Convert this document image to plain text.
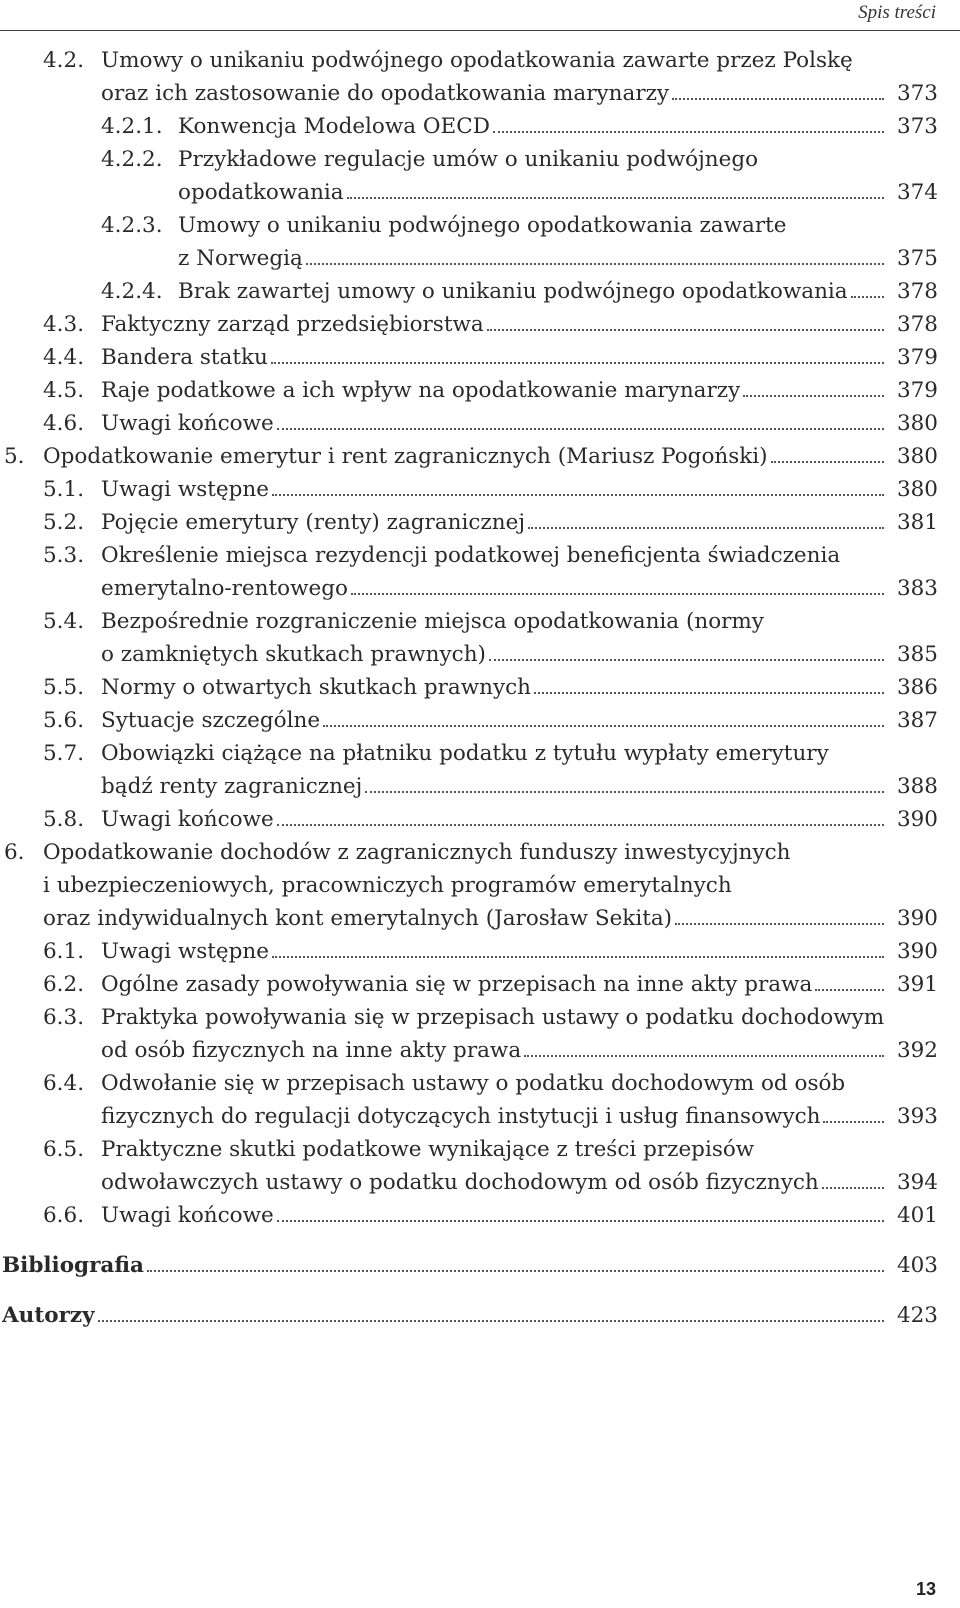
Spis treści
4.2. Umowy o unikaniu podwójnego opodatkowania zawarte przez Polskę
oraz ich zastosowanie do opodatkowania marynarzy	373
4.2.1. Konwencja Modelowa OECD	373
4.2.2. Przykładowe regulacje umów o unikaniu podwójnego
opodatkowania	374
4.2.3. Umowy o unikaniu podwójnego opodatkowania zawarte
z Norwegią	375
4.2.4. Brak zawartej umowy o unikaniu podwójnego opodatkowania	378
4.3. Faktyczny zarząd przedsiębiorstwa	378
4.4. Bandera statku	379
4.5. Raje podatkowe a ich wpływ na opodatkowanie marynarzy	379
4.6. Uwagi końcowe	380
5. Opodatkowanie emerytur i rent zagranicznych (Mariusz Pogoński)	380
5.1. Uwagi wstępne	380
5.2. Pojęcie emerytury (renty) zagranicznej	381
5.3. Określenie miejsca rezydencji podatkowej beneficjenta świadczenia
emerytalno-rentowego	383
5.4. Bezpośrednie rozgraniczenie miejsca opodatkowania (normy
o zamkniętych skutkach prawnych)	385
5.5. Normy o otwartych skutkach prawnych	386
5.6. Sytuacje szczególne	387
5.7. Obowiązki ciążące na płatniku podatku z tytułu wypłaty emerytury
bądź renty zagranicznej	388
5.8. Uwagi końcowe	390
6. Opodatkowanie dochodów z zagranicznych funduszy inwestycyjnych
i ubezpieczeniowych, pracowniczych programów emerytalnych
oraz indywidualnych kont emerytalnych (Jarosław Sekita)	390
6.1. Uwagi wstępne	390
6.2. Ogólne zasady powoływania się w przepisach na inne akty prawa	391
6.3. Praktyka powoływania się w przepisach ustawy o podatku dochodowym
od osób fizycznych na inne akty prawa	392
6.4. Odwołanie się w przepisach ustawy o podatku dochodowym od osób
fizycznych do regulacji dotyczących instytucji i usług finansowych	393
6.5. Praktyczne skutki podatkowe wynikające z treści przepisów
odwoławczych ustawy o podatku dochodowym od osób fizycznych	394
6.6. Uwagi końcowe	401
Bibliografia	403
Autorzy	423
13
